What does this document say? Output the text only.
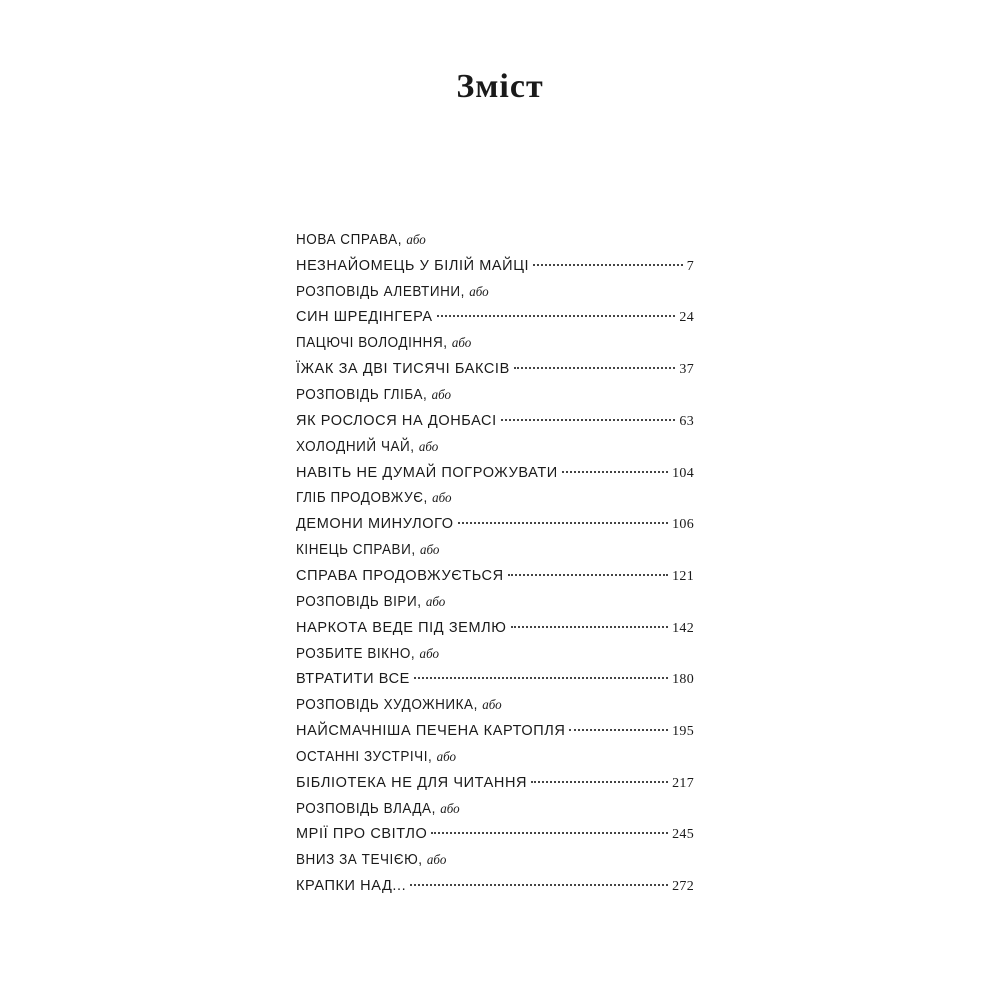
Зміст
НОВА СПРАВА, або
НЕЗНАЙОМЕЦЬ У БІЛІЙ МАЙЦІ	7
РОЗПОВІДЬ АЛЕВТИНИ, або
СИН ШРЕДІНГЕРА	24
ПАЦЮЧІ ВОЛОДІННЯ, або
ЇЖАК ЗА ДВІ ТИСЯЧІ БАКСІВ	37
РОЗПОВІДЬ ГЛІБА, або
ЯК РОСЛОСЯ НА ДОНБАСІ	63
ХОЛОДНИЙ ЧАЙ, або
НАВІТЬ НЕ ДУМАЙ ПОГРОЖУВАТИ	104
ГЛІБ ПРОДОВЖУЄ, або
ДЕМОНИ МИНУЛОГО	106
КІНЕЦЬ СПРАВИ, або
СПРАВА ПРОДОВЖУЄТЬСЯ	121
РОЗПОВІДЬ ВІРИ, або
НАРКОТА ВЕДЕ ПІД ЗЕМЛЮ	142
РОЗБИТЕ ВІКНО, або
ВТРАТИТИ ВСЕ	180
РОЗПОВІДЬ ХУДОЖНИКА, або
НАЙСМАЧНІША ПЕЧЕНА КАРТОПЛЯ	195
ОСТАННІ ЗУСТРІЧІ, або
БІБЛІОТЕКА НЕ ДЛЯ ЧИТАННЯ	217
РОЗПОВІДЬ ВЛАДА, або
МРІЇ ПРО СВІТЛО	245
ВНИЗ ЗА ТЕЧІЄЮ, або
КРАПКИ НАД...	272
